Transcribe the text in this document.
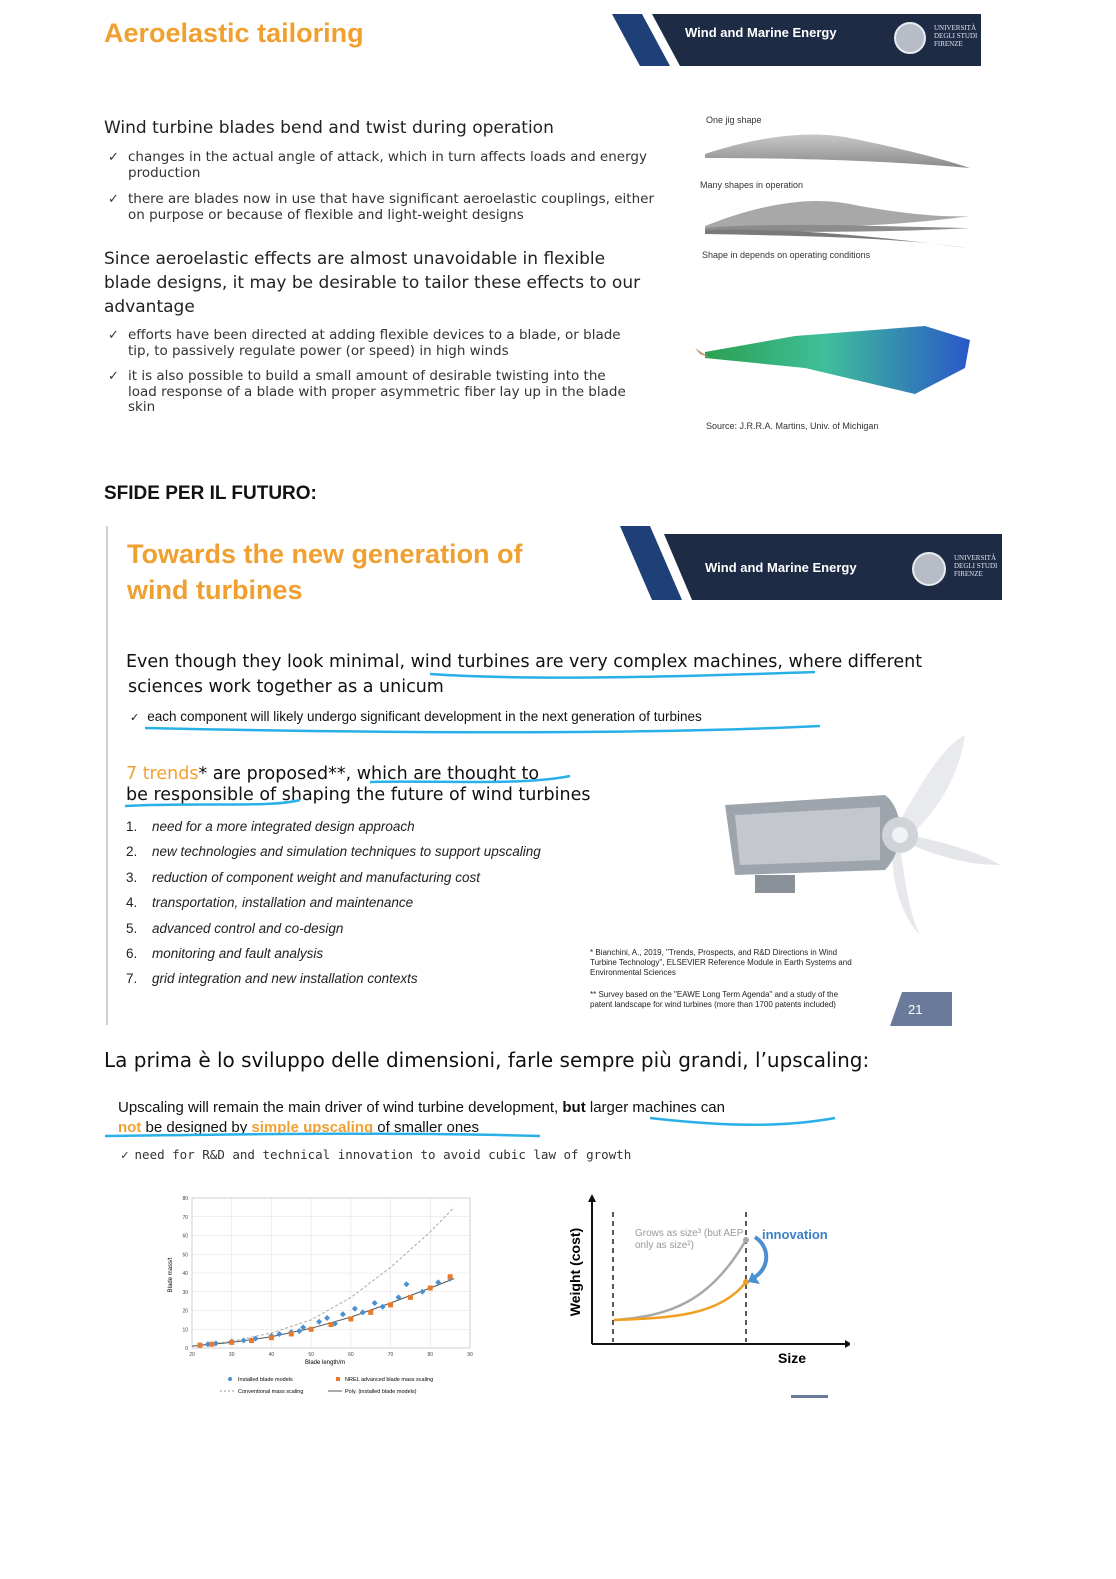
Aeroelastic tailoring	Wind and Marine Energy	UNIVERSITÀ DEGLI STUDI FIRENZE
Wind turbine blades bend and twist during operation
✓ changes in the actual angle of attack, which in turn affects loads and energy production
✓ there are blades now in use that have significant aeroelastic couplings, either on purpose or because of flexible and light-weight designs
Since aeroelastic effects are almost unavoidable in flexible blade designs, it may be desirable to tailor these effects to our advantage
✓ efforts have been directed at adding flexible devices to a blade, or blade tip, to passively regulate power (or speed) in high winds
✓ it is also possible to build a small amount of desirable twisting into the load response of a blade with proper asymmetric fiber lay up in the blade skin
One jig shape
Many shapes in operation
Shape in depends on operating conditions
Source: J.R.R.A. Martins, Univ. of Michigan
SFIDE PER IL FUTURO:
Towards the new generation of
wind turbines
Wind and Marine Energy
UNIVERSITÀ DEGLI STUDI FIRENZE
Even though they look minimal, wind turbines are very complex machines, where different
sciences work together as a unicum
✓ each component will likely undergo significant development in the next generation of turbines
7 trends* are proposed**, which are thought to
be responsible of shaping the future of wind turbines
1. need for a more integrated design approach
2. new technologies and simulation techniques to support upscaling
3. reduction of component weight and manufacturing cost
4. transportation, installation and maintenance
5. advanced control and co-design
6. monitoring and fault analysis
7. grid integration and new installation contexts
* Bianchini, A., 2019, "Trends, Prospects, and R&D Directions in Wind Turbine Technology", ELSEVIER Reference Module in Earth Systems and Environmental Sciences
** Survey based on the "EAWE Long Term Agenda" and a study of the patent landscape for wind turbines (more than 1700 patents included)	21
La prima è lo sviluppo delle dimensioni, farle sempre più grandi, l’upscaling:
Upscaling will remain the main driver of wind turbine development, but larger machines can
not be designed by simple upscaling of smaller ones
✓ need for R&D and technical innovation to avoid cubic law of growth
0
10
20
30
40
50
60
70
80
20	30	40	50	60	70	80	90
Blade length/m
Blade mass/t
Installed blade models	NREL advanced blade mass scaling
Conventional mass scaling	Poly. (installed blade models)
innovation
Weight (cost)
Size
Grows as size³ (but AEP only as size²)
